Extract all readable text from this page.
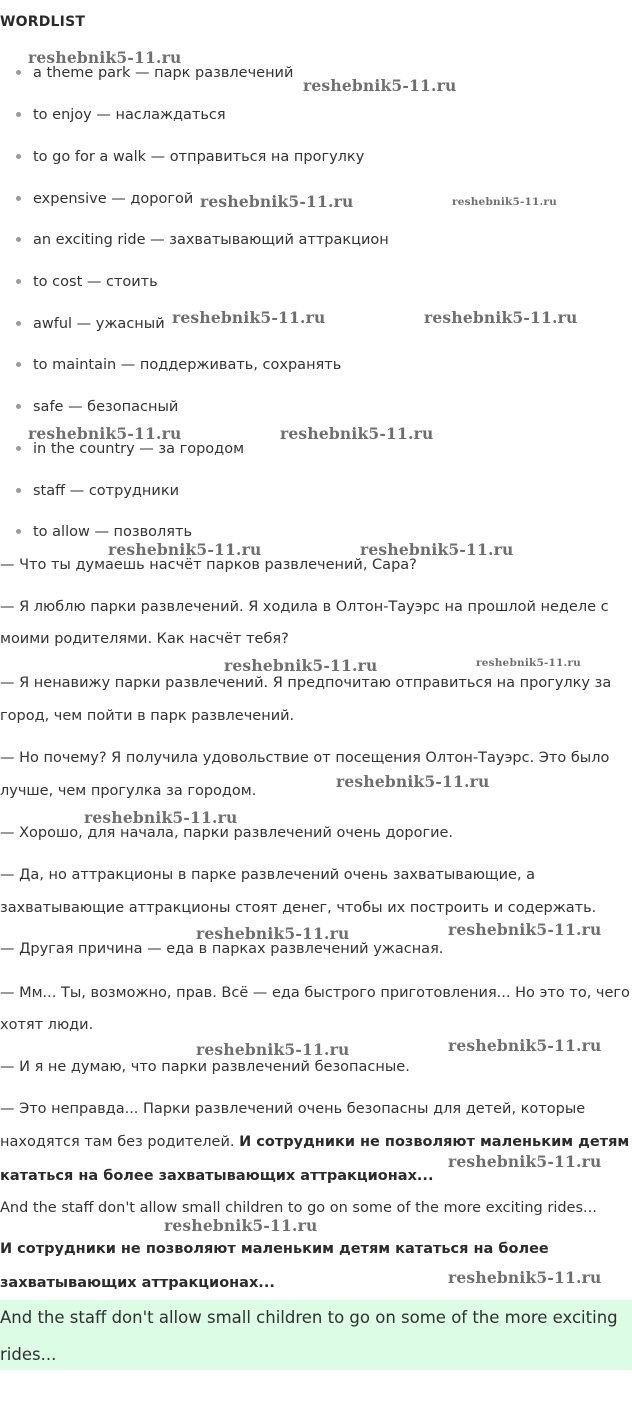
WORDLIST
a theme park — парк развлечений
to enjoy — наслаждаться
to go for a walk — отправиться на прогулку
expensive — дорогой
an exciting ride — захватывающий аттракцион
to cost — стоить
awful — ужасный
to maintain — поддерживать, сохранять
safe — безопасный
in the country — за городом
staff — сотрудники
to allow — позволять
— Что ты думаешь насчёт парков развлечений, Сара?
— Я люблю парки развлечений. Я ходила в Олтон-Тауэрс на прошлой неделе с
моими родителями. Как насчёт тебя?
— Я ненавижу парки развлечений. Я предпочитаю отправиться на прогулку за
город, чем пойти в парк развлечений.
— Но почему? Я получила удовольствие от посещения Олтон-Тауэрс. Это было
лучше, чем прогулка за городом.
— Хорошо, для начала, парки развлечений очень дорогие.
— Да, но аттракционы в парке развлечений очень захватывающие, а
захватывающие аттракционы стоят денег, чтобы их построить и содержать.
— Другая причина — еда в парках развлечений ужасная.
— Мм... Ты, возможно, прав. Всё — еда быстрого приготовления... Но это то, чего
хотят люди.
— И я не думаю, что парки развлечений безопасные.
— Это неправда... Парки развлечений очень безопасны для детей, которые
находятся там без родителей. И сотрудники не позволяют маленьким детям
кататься на более захватывающих аттракционах...
And the staff don't allow small children to go on some of the more exciting rides...
И сотрудники не позволяют маленьким детям кататься на более
захватывающих аттракционах...
And the staff don't allow small children to go on some of the more exciting
rides...
reshebnik5-11.ru
reshebnik5-11.ru
reshebnik5-11.ru	reshebnik5-11.ru
reshebnik5-11.ru	reshebnik5-11.ru
reshebnik5-11.ru	reshebnik5-11.ru
reshebnik5-11.ru	reshebnik5-11.ru
reshebnik5-11.ru	reshebnik5-11.ru
reshebnik5-11.ru
reshebnik5-11.ru
reshebnik5-11.ru	reshebnik5-11.ru
reshebnik5-11.ru	reshebnik5-11.ru
reshebnik5-11.ru
reshebnik5-11.ru
reshebnik5-11.ru
